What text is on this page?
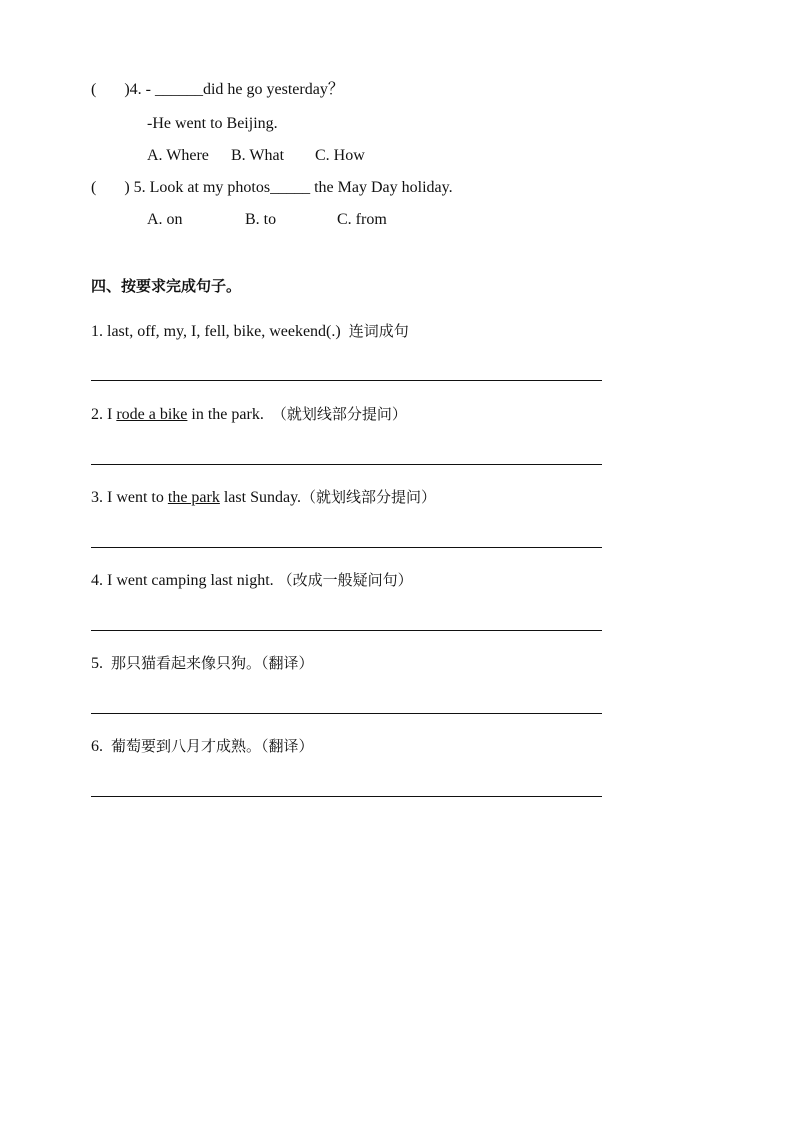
(       )4. - ______did he go yesterday？
-He went to Beijing.
A. Where B. What C. How
(       ) 5. Look at my photos_____ the May Day holiday.
A. on	B. to	C. from
四、按要求完成句子。
1. last, off, my, I, fell, bike, weekend(.)  连词成句
2. I rode a bike in the park.  （就划线部分提问）
3. I went to the park last Sunday.（就划线部分提问）
4. I went camping last night. （改成一般疑问句）
5.  那只猫看起来像只狗。（翻译）
6.  葡萄要到八月才成熟。（翻译）
